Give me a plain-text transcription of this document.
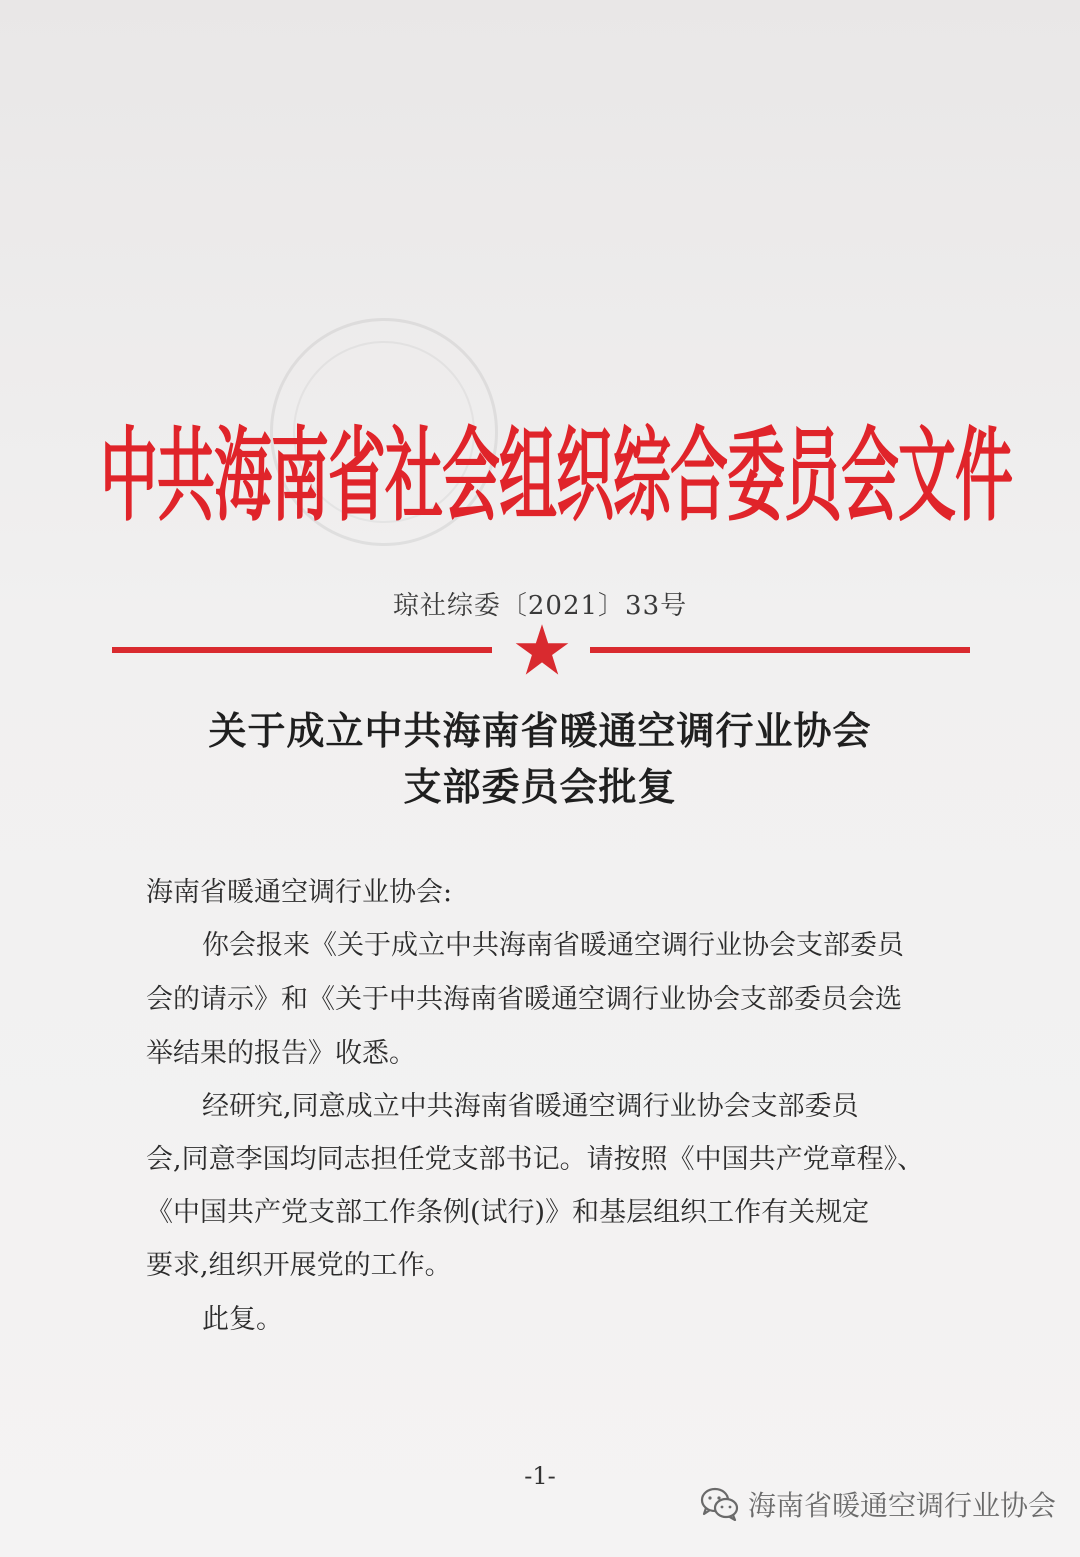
中共海南省社会组织综合委员会文件
琼社综委〔2021〕33号
关于成立中共海南省暖通空调行业协会
支部委员会批复
海南省暖通空调行业协会:
你会报来《关于成立中共海南省暖通空调行业协会支部委员
会的请示》和《关于中共海南省暖通空调行业协会支部委员会选
举结果的报告》收悉。
经研究,同意成立中共海南省暖通空调行业协会支部委员
会,同意李国均同志担任党支部书记。请按照《中国共产党章程》、
《中国共产党支部工作条例(试行)》和基层组织工作有关规定
要求,组织开展党的工作。
此复。
-1-
海南省暖通空调行业协会
